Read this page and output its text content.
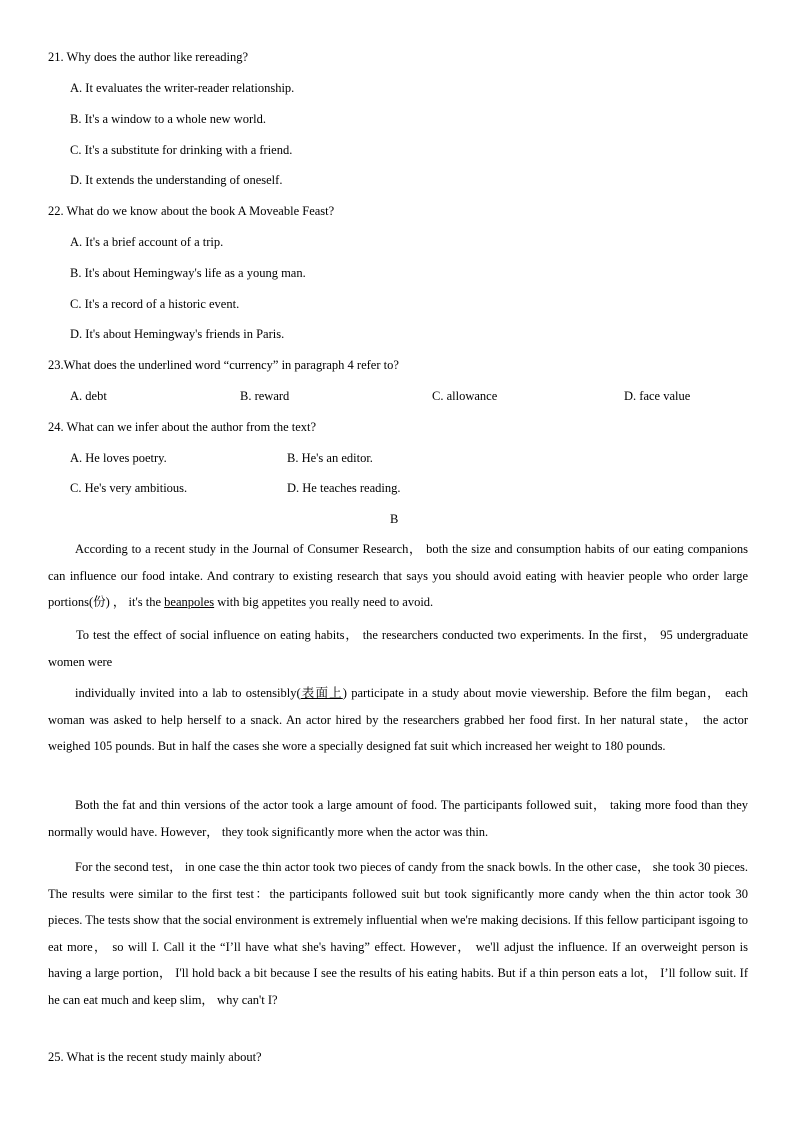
21. Why does the author like rereading?
A. It evaluates the writer-reader relationship.
B. It's a window to a whole new world.
C. It's a substitute for drinking with a friend.
D. It extends the understanding of oneself.
22. What do we know about the book A Moveable Feast?
A. It's a brief account of a trip.
B. It's about Hemingway's life as a young man.
C. It's a record of a historic event.
D. It's about Hemingway's friends in Paris.
23.What does the underlined word “currency” in paragraph 4 refer to?
A. debt	B. reward	C. allowance	D. face value
24. What can we infer about the author from the text?
A. He loves poetry.	B. He's an editor.
C. He's very ambitious.	D. He teaches reading.
B

According to a recent study in the Journal of Consumer Research， both the size and consumption habits of our eating companions can influence our food intake. And contrary to existing research that says you should avoid eating with heavier people who order large portions(份) ， it's the beanpoles with big appetites you really need to avoid.

To test the effect of social influence on eating habits， the researchers conducted two experiments. In the first， 95 undergraduate women were

individually invited into a lab to ostensibly(表面上) participate in a study about movie viewership. Before the film began， each woman was asked to help herself to a snack. An actor hired by the researchers grabbed her food first. In her natural state， the actor weighed 105 pounds. But in half the cases she wore a specially designed fat suit which increased her weight to 180 pounds.

Both the fat and thin versions of the actor took a large amount of food. The participants followed suit， taking more food than they normally would have. However， they took significantly more when the actor was thin.

For the second test， in one case the thin actor took two pieces of candy from the snack bowls. In the other case， she took 30 pieces. The results were similar to the first test：the participants followed suit but took significantly more candy when the thin actor took 30 pieces. The tests show that the social environment is extremely influential when we're making decisions. If this fellow participant isgoing to eat more， so will I. Call it the “I’ll have what she's having” effect. However， we'll adjust the influence. If an overweight person is having a large portion， I'll hold back a bit because I see the results of his eating habits. But if a thin person eats a lot， I’ll follow suit. If he can eat much and keep slim， why can't I?

25. What is the recent study mainly about?
